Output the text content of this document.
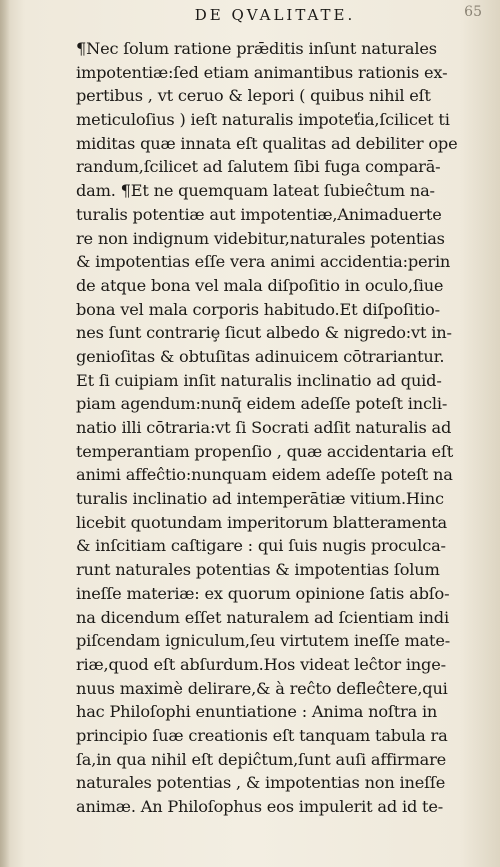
DE QVALITATE.	65
¶Nec ſolum ratione prǣditis inſunt naturales
impotentiæ:ſed etiam animantibus rationis ex-
pertibus , vt ceruo & lepori ( quibus nihil eſt
meticuloſius ) ieſt naturalis impoteťia,ſcilicet ti
miditas quæ innata eſt qualitas ad debiliter ope
randum,ſcilicet ad ſalutem ſibi fuga comparā-
dam. ¶Et ne quemquam lateat ſubieĉtum na-
turalis potentiæ aut impotentiæ,Animaduerte
re non indignum videbitur,naturales potentias
& impotentias eſſe vera animi accidentia:perin
de atque bona vel mala diſpoſitio in oculo,ſiue
bona vel mala corporis habitudo.Et diſpoſitio-
nes ſunt contrariȩ ſicut albedo & nigredo:vt in-
genioſitas & obtuſitas adinuicem cōtrariantur.
Et ſi cuipiam inſit naturalis inclinatio ad quid-
piam agendum:nunq̄ eidem adeſſe poteſt incli-
natio illi cōtraria:vt ſi Socrati adſit naturalis ad
temperantiam propenſio , quæ accidentaria eſt
animi affeĉtio:nunquam eidem adeſſe poteſt na
turalis inclinatio ad intemperātiæ vitium.Hinc
licebit quotundam imperitorum blatteramenta
& inſcitiam caſtigare : qui ſuis nugis proculca-
runt naturales potentias & impotentias ſolum
ineſſe materiæ: ex quorum opinione ſatis abſo-
na dicendum eſſet naturalem ad ſcientiam indi
piſcendam igniculum,ſeu virtutem ineſſe mate-
riæ,quod eſt abſurdum.Hos videat leĉtor inge-
nuus maximè delirare,& à reĉto defleĉtere,qui
hac Philoſophi enuntiatione : Anima noſtra in
principio ſuæ creationis eſt tanquam tabula ra
ſa,in qua nihil eſt depiĉtum,ſunt auſi affirmare
naturales potentias , & impotentias non ineſſe
animæ. An Philoſophus eos impulerit ad id te-
